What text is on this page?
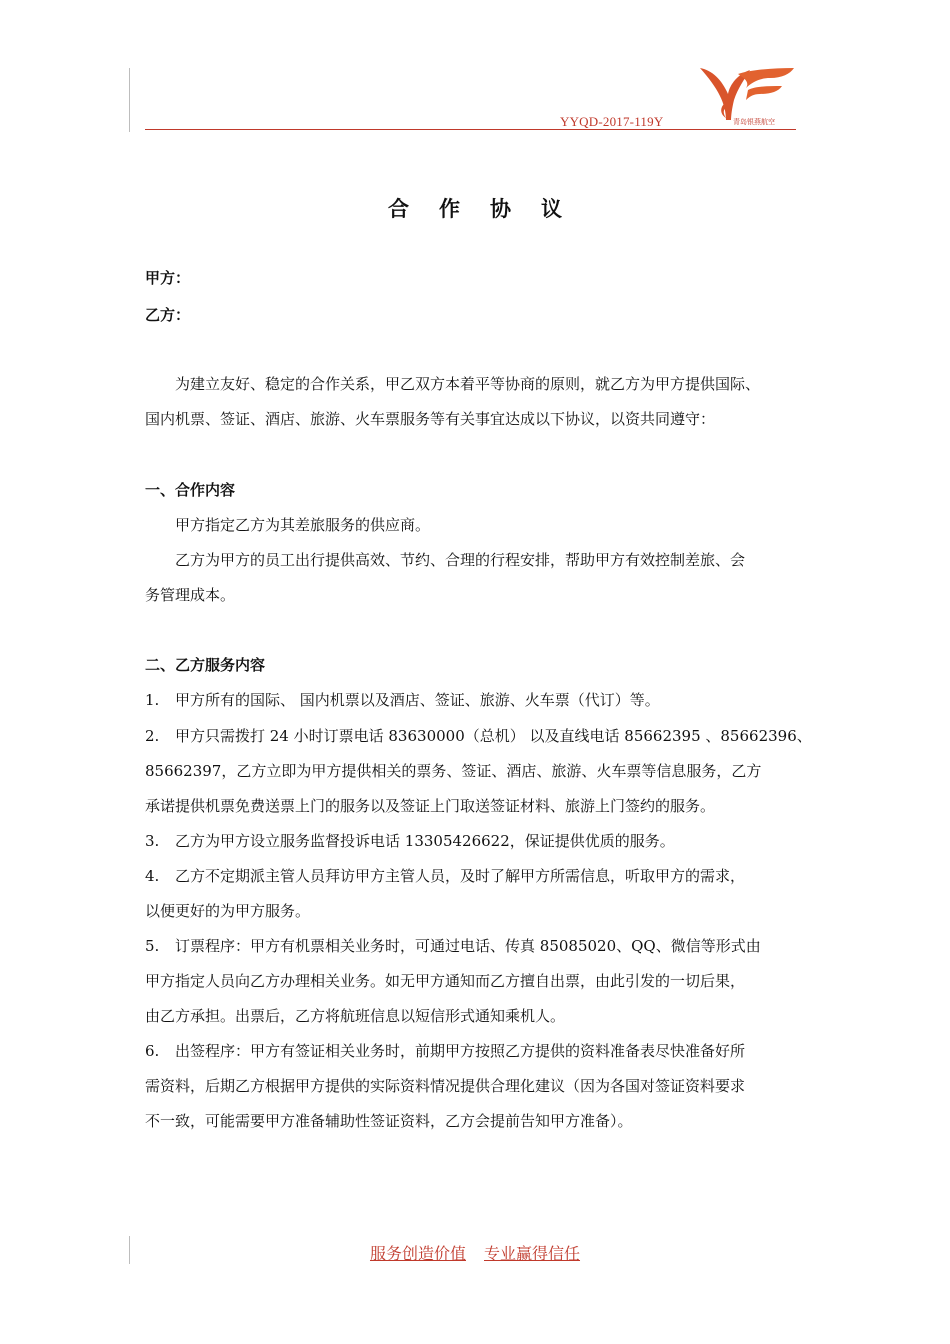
YYQD-2017-119Y	青岛银燕航空
合作协议
甲方：
乙方：
为建立友好、稳定的合作关系，甲乙双方本着平等协商的原则，就乙方为甲方提供国际、
国内机票、签证、酒店、旅游、火车票服务等有关事宜达成以下协议，以资共同遵守：
一、合作内容
甲方指定乙方为其差旅服务的供应商。
乙方为甲方的员工出行提供高效、节约、合理的行程安排，帮助甲方有效控制差旅、会
务管理成本。
二、乙方服务内容
1. 甲方所有的国际、 国内机票以及酒店、签证、旅游、火车票（代订）等。
2. 甲方只需拨打 24 小时订票电话 83630000（总机） 以及直线电话 85662395 、85662396、
85662397，乙方立即为甲方提供相关的票务、签证、酒店、旅游、火车票等信息服务，乙方
承诺提供机票免费送票上门的服务以及签证上门取送签证材料、旅游上门签约的服务。
3. 乙方为甲方设立服务监督投诉电话 13305426622，保证提供优质的服务。
4. 乙方不定期派主管人员拜访甲方主管人员，及时了解甲方所需信息，听取甲方的需求，
以便更好的为甲方服务。
5. 订票程序：甲方有机票相关业务时，可通过电话、传真 85085020、QQ、微信等形式由
甲方指定人员向乙方办理相关业务。如无甲方通知而乙方擅自出票，由此引发的一切后果，
由乙方承担。出票后，乙方将航班信息以短信形式通知乘机人。
6. 出签程序：甲方有签证相关业务时，前期甲方按照乙方提供的资料准备表尽快准备好所
需资料，后期乙方根据甲方提供的实际资料情况提供合理化建议（因为各国对签证资料要求
不一致，可能需要甲方准备辅助性签证资料，乙方会提前告知甲方准备）。
服务创造价值 专业赢得信任
